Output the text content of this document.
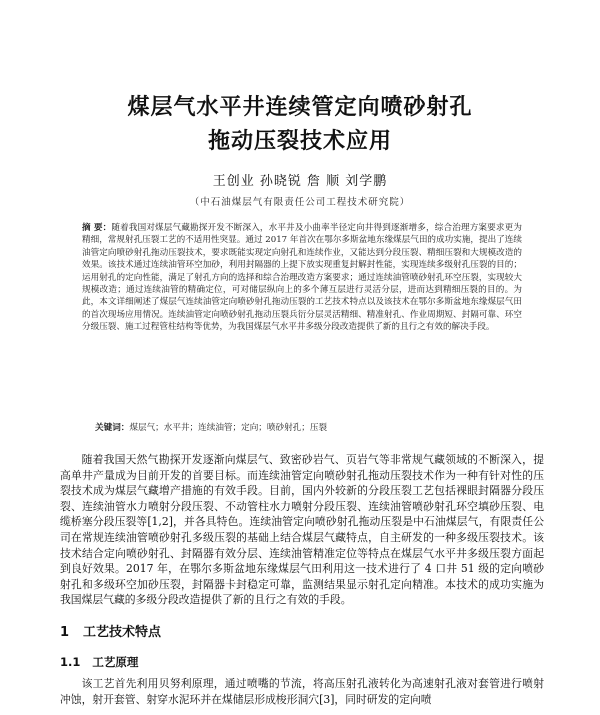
煤层气水平井连续管定向喷砂射孔
拖动压裂技术应用
王创业 孙晓锐 詹 顺 刘学鹏
（中石油煤层气有限责任公司工程技术研究院）
摘 要：随着我国对煤层气藏勘探开发不断深入，水平井及小曲率半径定向井得到逐渐增多，综合治理方案要求更为精细，常规射孔压裂工艺的不适用性突显。通过 2017 年首次在鄂尔多斯盆地东缘煤层气田的成功实施，提出了连续油管定向喷砂射孔拖动压裂技术，要求既能实现定向射孔和连续作业，又能达到分段压裂、精细压裂和大规模改造的效果。该技术通过连续油管环空加砂，利用封隔器的上提下放实现重复封解封性能，实现连续多级射孔压裂的目的；运用射孔的定向性能，满足了射孔方向的选择和综合治理改造方案要求；通过连续油管喷砂射孔环空压裂，实现较大规模改造；通过连续油管的精确定位，可对储层纵向上的多个薄互层进行灵活分层，进而达到精细压裂的目的。为此，本文详细阐述了煤层气连续油管定向喷砂射孔拖动压裂的工艺技术特点以及该技术在鄂尔多斯盆地东缘煤层气田的首次现场应用情况。连续油管定向喷砂射孔拖动压裂兵衍分层灵活精细、精准射孔、作业周期短、封隔可靠、环空分级压裂、施工过程管柱结构等优势，为我国煤层气水平井多级分段改造提供了新的且行之有效的解决手段。
关键词：煤层气；水平井；连续油管；定向；喷砂射孔；压裂
随着我国天然气勘探开发逐渐向煤层气、致密砂岩气、页岩气等非常规气藏领域的不断深入，提高单井产量成为目前开发的首要目标。而连续油管定向喷砂射孔拖动压裂技术作为一种有针对性的压裂技术成为煤层气藏增产措施的有效手段。目前，国内外较新的分段压裂工艺包括裸眼封隔器分段压裂、连续油管水力喷射分段压裂、不动管柱水力喷射分段压裂、连续油管喷砂射孔环空填砂压裂、电缆桥塞分段压裂等[1,2]，并各具特色。连续油管定向喷砂射孔拖动压裂是中石油煤层气，有限责任公司在常规连续油管喷砂射孔多级压裂的基础上结合煤层气藏特点，自主研发的一种多级压裂技术。该技术结合定向喷砂射孔、封隔器有效分层、连续油管精准定位等特点在煤层气水平井多级压裂方面起到良好效果。2017 年，在鄂尔多斯盆地东缘煤层气田利用这一技术进行了 4 口井 51 级的定向喷砂射孔和多级环空加砂压裂，封隔器卡封稳定可靠，监测结果显示射孔定向精准。本技术的成功实施为我国煤层气藏的多级分段改造提供了新的且行之有效的手段。
1 工艺技术特点
1.1 工艺原理
该工艺首先利用贝努利原理，通过喷嘴的节流，将高压射孔液转化为高速射孔液对套管进行喷射冲蚀，射开套管、射穿水泥环并在煤储层形成梭形洞穴[3]，同时研发的定向喷
